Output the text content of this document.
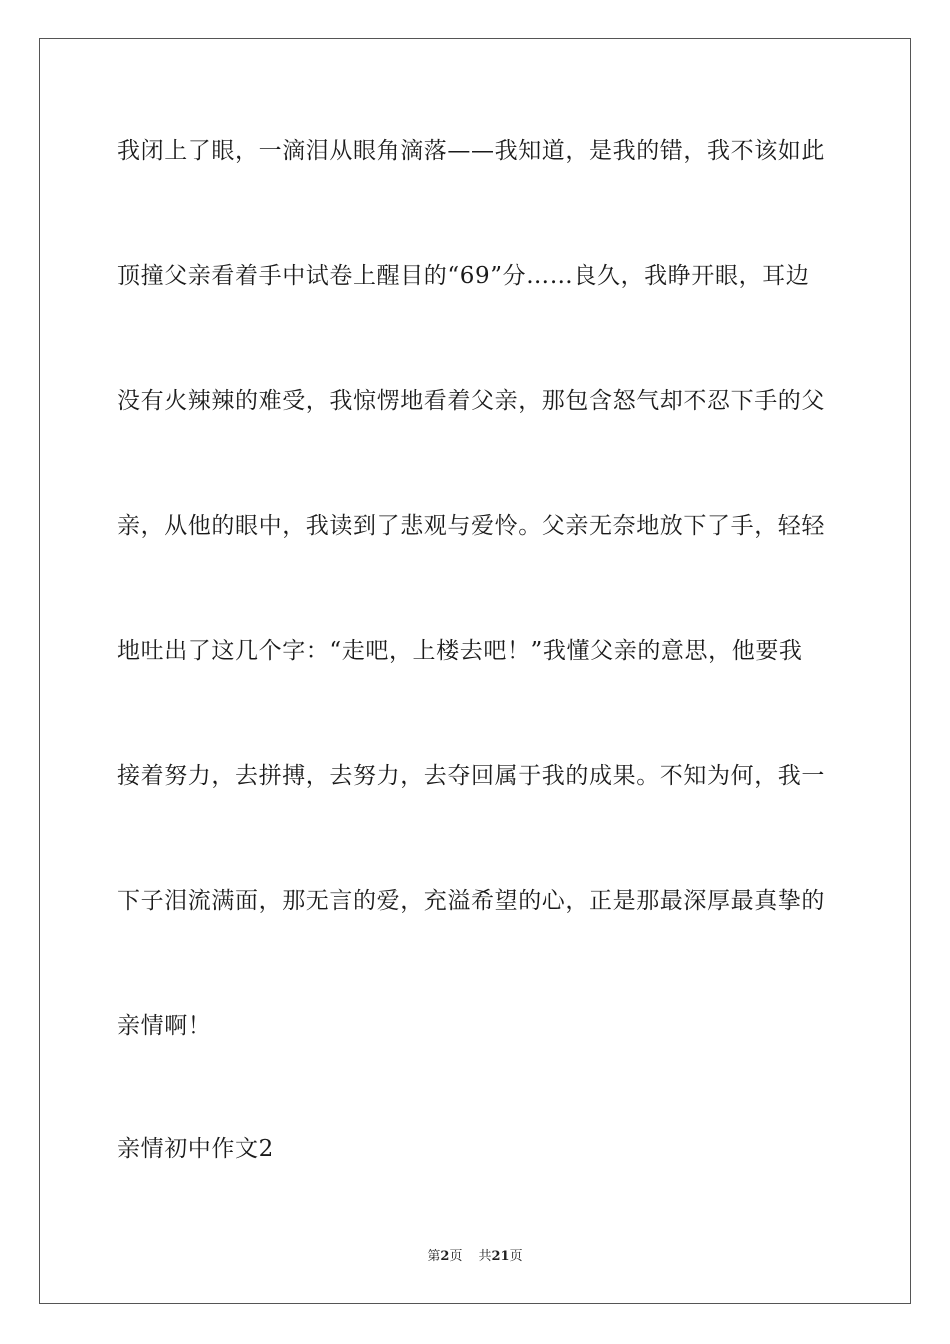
我闭上了眼，一滴泪从眼角滴落——我知道，是我的错，我不该如此
顶撞父亲看着手中试卷上醒目的“69”分……良久，我睁开眼，耳边
没有火辣辣的难受，我惊愣地看着父亲，那包含怒气却不忍下手的父
亲，从他的眼中，我读到了悲观与爱怜。父亲无奈地放下了手，轻轻
地吐出了这几个字：“走吧，上楼去吧！”我懂父亲的意思，他要我
接着努力，去拼搏，去努力，去夺回属于我的成果。不知为何，我一
下子泪流满面，那无言的爱，充溢希望的心，正是那最深厚最真挚的
亲情啊！
亲情初中作文2
第2页 共21页
